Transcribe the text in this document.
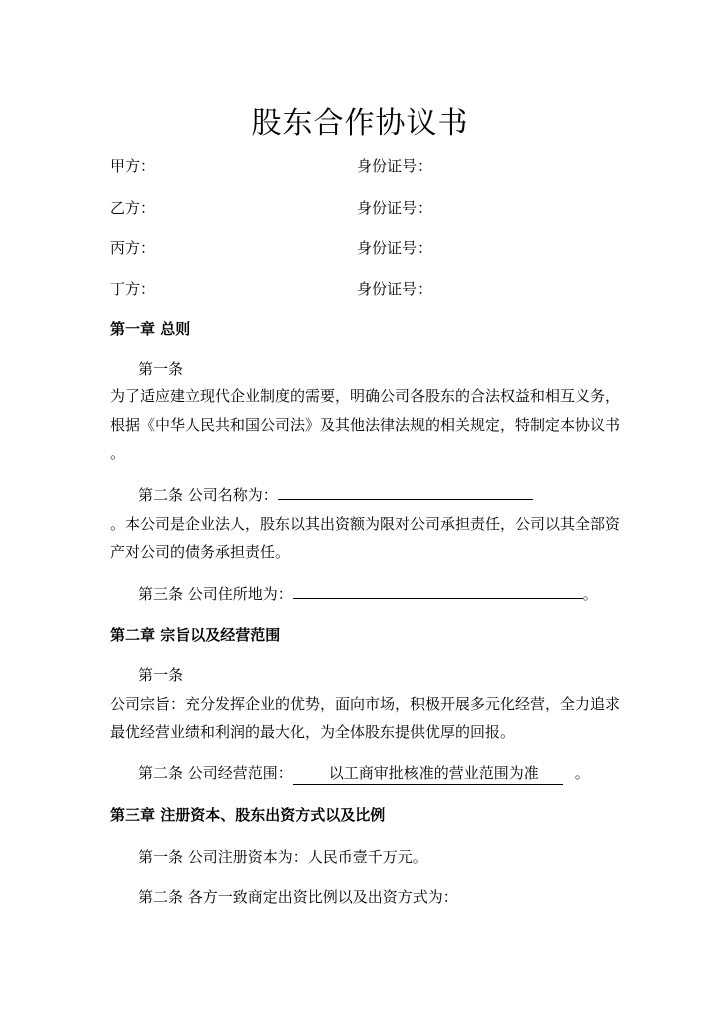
股东合作协议书
甲方：	身份证号：
乙方：	身份证号：
丙方：	身份证号：
丁方：	身份证号：
第一章 总则
第一条
为了适应建立现代企业制度的需要，明确公司各股东的合法权益和相互义务，
根据《中华人民共和国公司法》及其他法律法规的相关规定，特制定本协议书
。
第二条 公司名称为：
。本公司是企业法人，股东以其出资额为限对公司承担责任，公司以其全部资
产对公司的债务承担责任。
第三条 公司住所地为：	。
第二章 宗旨以及经营范围
第一条
公司宗旨：充分发挥企业的优势，面向市场，积极开展多元化经营，全力追求
最优经营业绩和利润的最大化，为全体股东提供优厚的回报。
第二条 公司经营范围： 以工商审批核准的营业范围为准 。
第三章 注册资本、股东出资方式以及比例
第一条 公司注册资本为：人民币壹千万元。
第二条 各方一致商定出资比例以及出资方式为：
